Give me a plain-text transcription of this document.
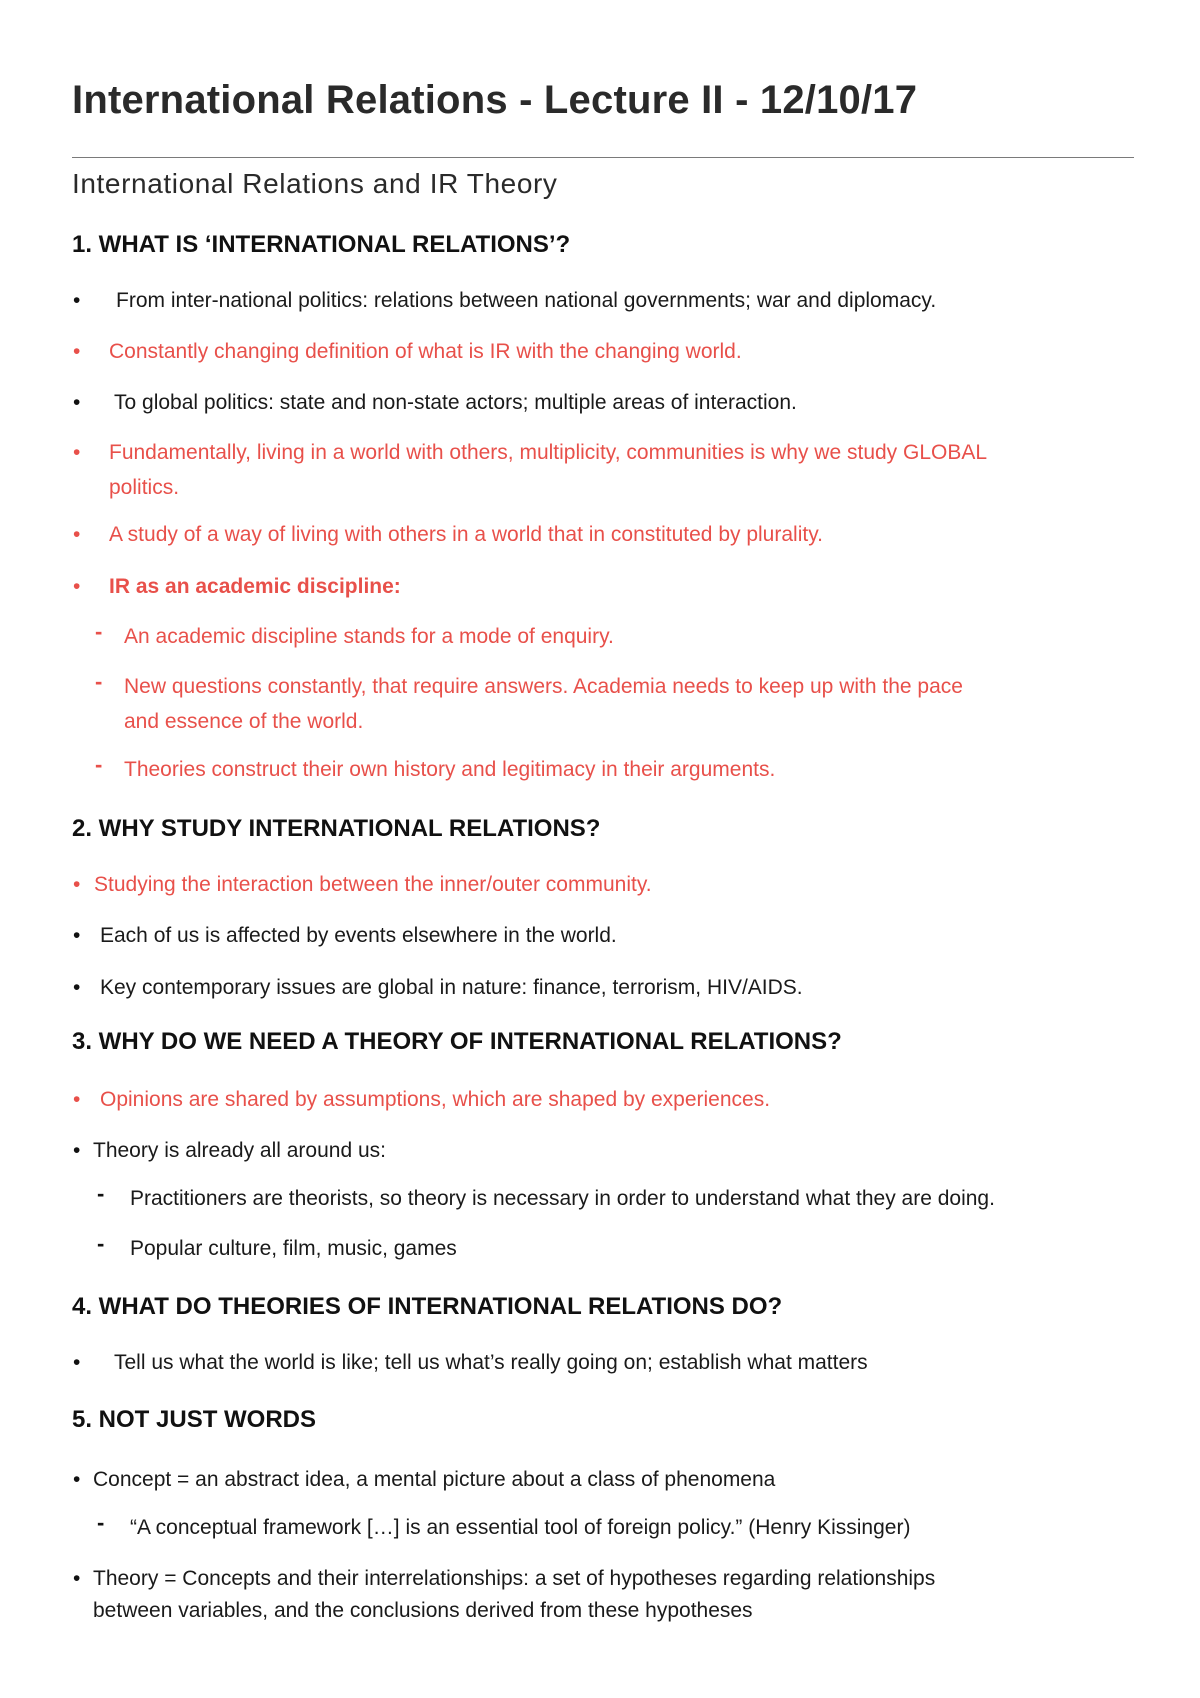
International Relations - Lecture II - 12/10/17
International Relations and IR Theory
1. WHAT IS ‘INTERNATIONAL RELATIONS’?
• From inter-national politics: relations between national governments; war and diplomacy.
• Constantly changing definition of what is IR with the changing world.
• To global politics: state and non-state actors; multiple areas of interaction.
• Fundamentally, living in a world with others, multiplicity, communities is why we study GLOBAL
politics.
• A study of a way of living with others in a world that in constituted by plurality.
• IR as an academic discipline:
- An academic discipline stands for a mode of enquiry.
- New questions constantly, that require answers. Academia needs to keep up with the pace
and essence of the world.
- Theories construct their own history and legitimacy in their arguments.
2. WHY STUDY INTERNATIONAL RELATIONS?
• Studying the interaction between the inner/outer community.
• Each of us is affected by events elsewhere in the world.
• Key contemporary issues are global in nature: finance, terrorism, HIV/AIDS.
3. WHY DO WE NEED A THEORY OF INTERNATIONAL RELATIONS?
• Opinions are shared by assumptions, which are shaped by experiences.
• Theory is already all around us:
- Practitioners are theorists, so theory is necessary in order to understand what they are doing.
- Popular culture, film, music, games
4. WHAT DO THEORIES OF INTERNATIONAL RELATIONS DO?
• Tell us what the world is like; tell us what’s really going on; establish what matters
5. NOT JUST WORDS
• Concept = an abstract idea, a mental picture about a class of phenomena
- “A conceptual framework […] is an essential tool of foreign policy.” (Henry Kissinger)
• Theory = Concepts and their interrelationships: a set of hypotheses regarding relationships
between variables, and the conclusions derived from these hypotheses
